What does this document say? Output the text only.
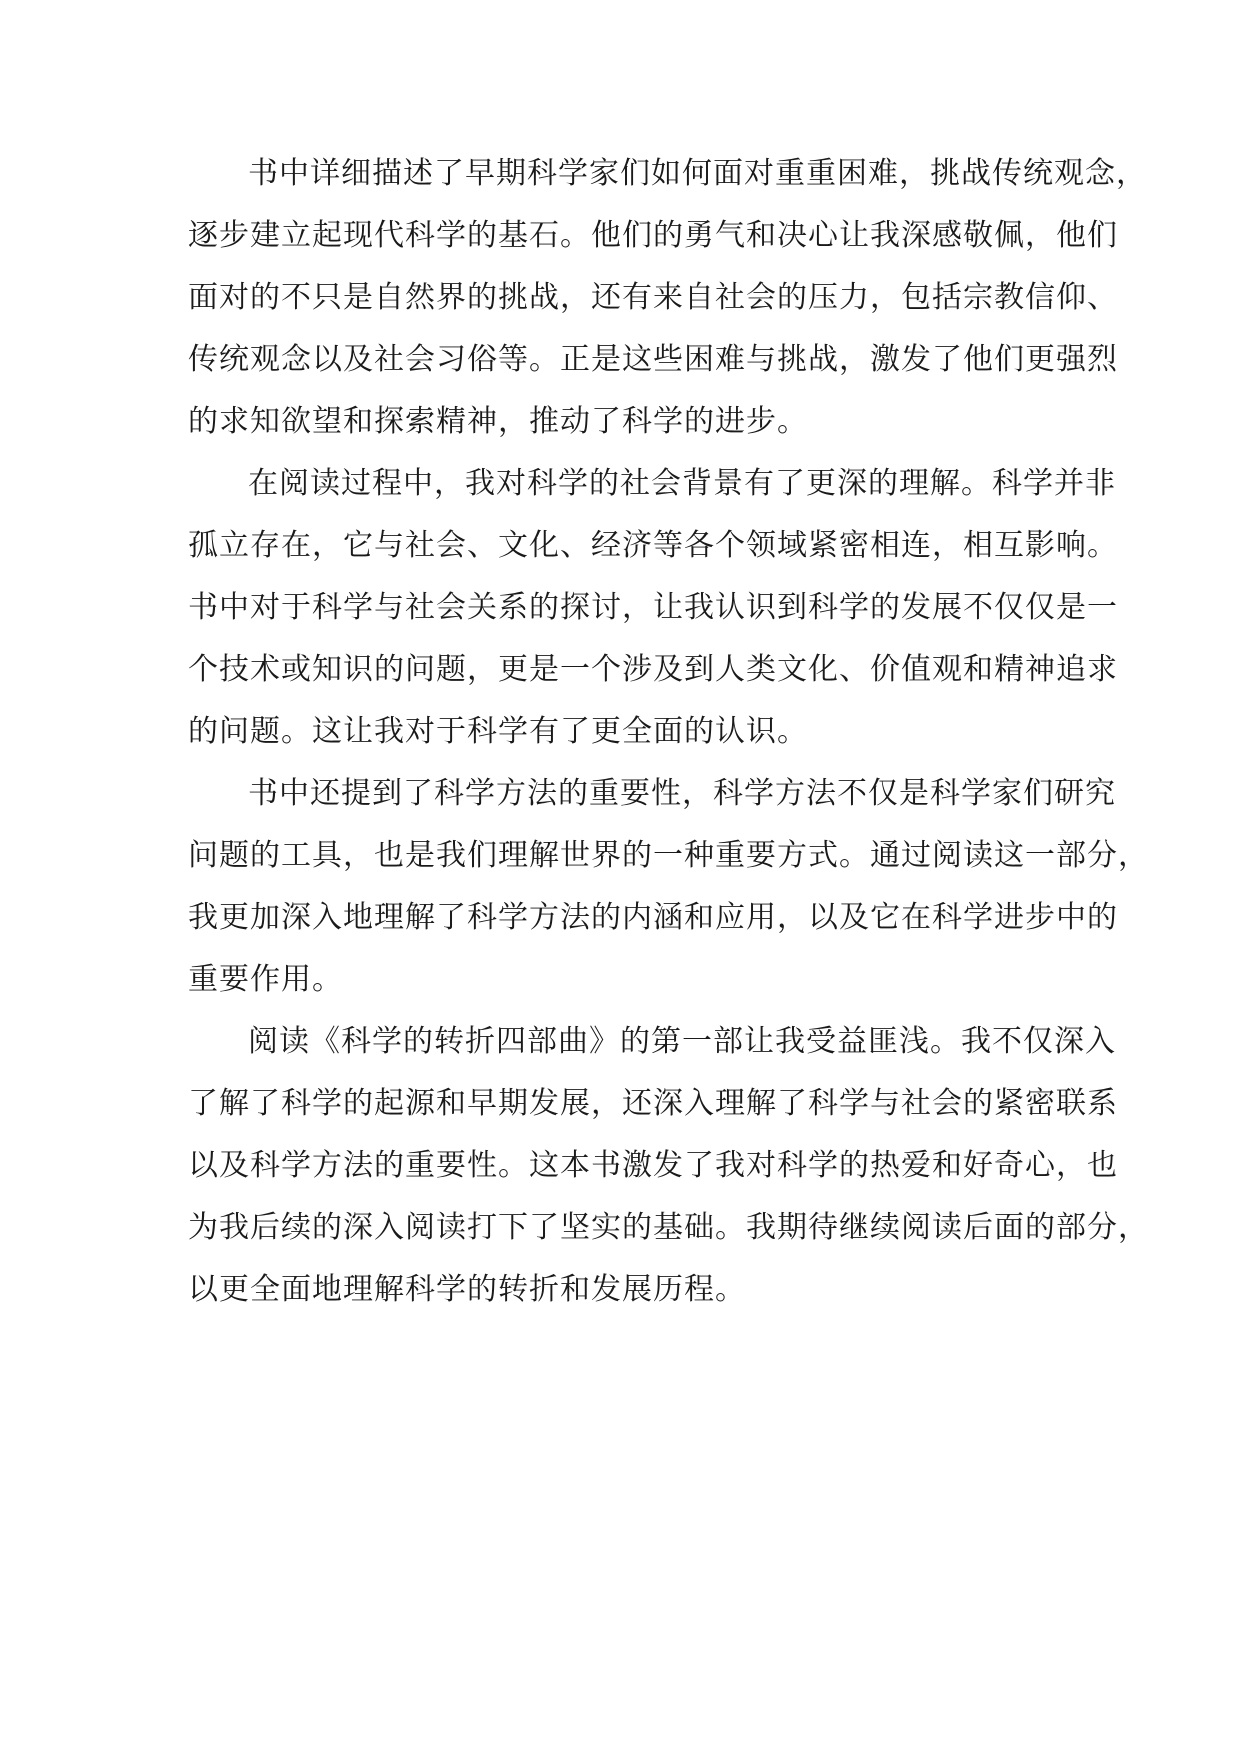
书中详细描述了早期科学家们如何面对重重困难，挑战传统观念，
逐步建立起现代科学的基石。他们的勇气和决心让我深感敬佩，他们
面对的不只是自然界的挑战，还有来自社会的压力，包括宗教信仰、
传统观念以及社会习俗等。正是这些困难与挑战，激发了他们更强烈
的求知欲望和探索精神，推动了科学的进步。
在阅读过程中，我对科学的社会背景有了更深的理解。科学并非
孤立存在，它与社会、文化、经济等各个领域紧密相连，相互影响。
书中对于科学与社会关系的探讨，让我认识到科学的发展不仅仅是一
个技术或知识的问题，更是一个涉及到人类文化、价值观和精神追求
的问题。这让我对于科学有了更全面的认识。
书中还提到了科学方法的重要性，科学方法不仅是科学家们研究
问题的工具，也是我们理解世界的一种重要方式。通过阅读这一部分，
我更加深入地理解了科学方法的内涵和应用，以及它在科学进步中的
重要作用。
阅读《科学的转折四部曲》的第一部让我受益匪浅。我不仅深入
了解了科学的起源和早期发展，还深入理解了科学与社会的紧密联系
以及科学方法的重要性。这本书激发了我对科学的热爱和好奇心，也
为我后续的深入阅读打下了坚实的基础。我期待继续阅读后面的部分，
以更全面地理解科学的转折和发展历程。
